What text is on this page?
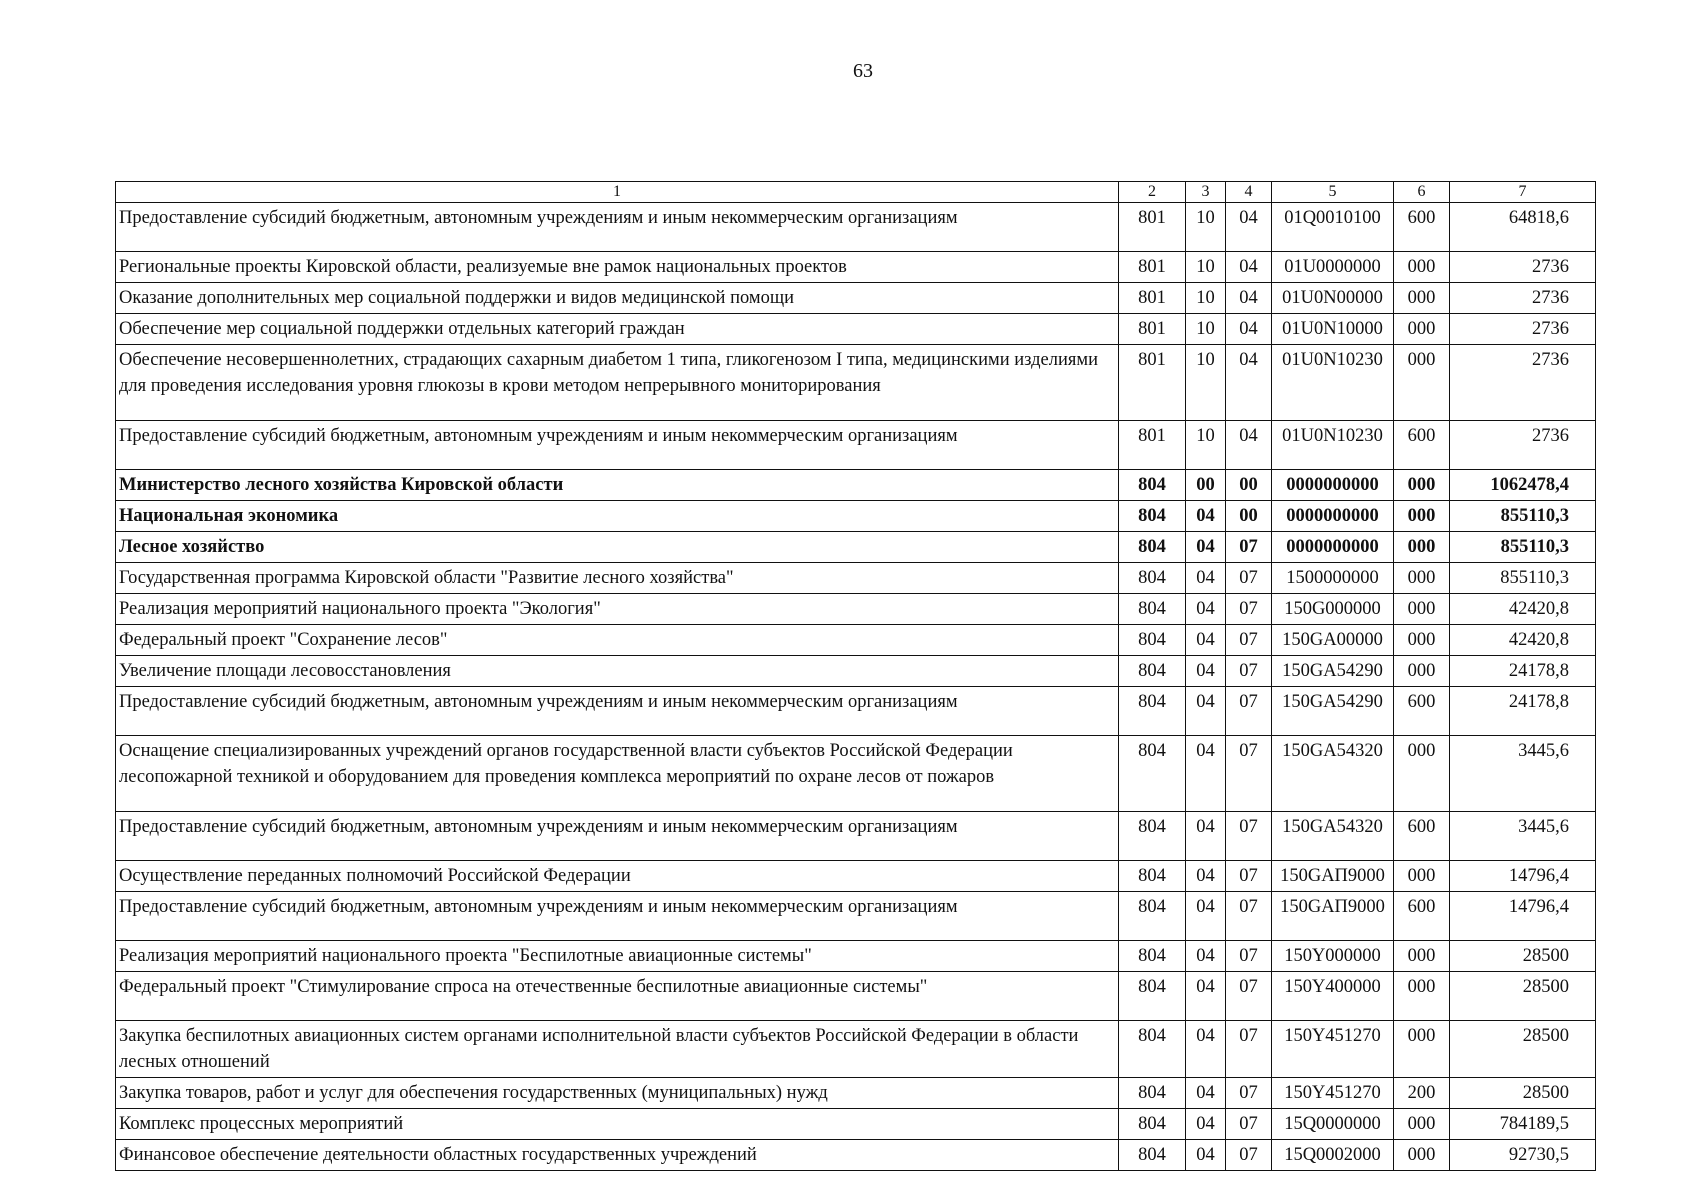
63
1	2	3	4	5	6	7
Предоставление субсидий бюджетным, автономным учреждениям и иным некоммерческим организациям	801	10	04	01Q0010100	600	64818,6
Региональные проекты Кировской области, реализуемые вне рамок национальных проектов	801	10	04	01U0000000	000	2736
Оказание дополнительных мер социальной поддержки и видов медицинской помощи	801	10	04	01U0N00000	000	2736
Обеспечение мер социальной поддержки отдельных категорий граждан	801	10	04	01U0N10000	000	2736
Обеспечение несовершеннолетних, страдающих сахарным диабетом 1 типа, гликогенозом I типа, медицинскими изделиями для проведения исследования уровня глюкозы в крови методом непрерывного мониторирования	801	10	04	01U0N10230	000	2736
Предоставление субсидий бюджетным, автономным учреждениям и иным некоммерческим организациям	801	10	04	01U0N10230	600	2736
Министерство лесного хозяйства Кировской области	804	00	00	0000000000	000	1062478,4
Национальная экономика	804	04	00	0000000000	000	855110,3
Лесное хозяйство	804	04	07	0000000000	000	855110,3
Государственная программа Кировской области "Развитие лесного хозяйства"	804	04	07	1500000000	000	855110,3
Реализация мероприятий национального проекта "Экология"	804	04	07	150G000000	000	42420,8
Федеральный проект "Сохранение лесов"	804	04	07	150GA00000	000	42420,8
Увеличение площади лесовосстановления	804	04	07	150GA54290	000	24178,8
Предоставление субсидий бюджетным, автономным учреждениям и иным некоммерческим организациям	804	04	07	150GA54290	600	24178,8
Оснащение специализированных учреждений органов государственной власти субъектов Российской Федерации лесопожарной техникой и оборудованием для проведения комплекса мероприятий по охране лесов от пожаров	804	04	07	150GA54320	000	3445,6
Предоставление субсидий бюджетным, автономным учреждениям и иным некоммерческим организациям	804	04	07	150GA54320	600	3445,6
Осуществление переданных полномочий Российской Федерации	804	04	07	150GAП9000	000	14796,4
Предоставление субсидий бюджетным, автономным учреждениям и иным некоммерческим организациям	804	04	07	150GAП9000	600	14796,4
Реализация мероприятий национального проекта "Беспилотные авиационные системы"	804	04	07	150Y000000	000	28500
Федеральный проект "Стимулирование спроса на отечественные беспилотные авиационные системы"	804	04	07	150Y400000	000	28500
Закупка беспилотных авиационных систем органами исполнительной власти субъектов Российской Федерации в области лесных отношений	804	04	07	150Y451270	000	28500
Закупка товаров, работ и услуг для обеспечения государственных (муниципальных) нужд	804	04	07	150Y451270	200	28500
Комплекс процессных мероприятий	804	04	07	15Q0000000	000	784189,5
Финансовое обеспечение деятельности областных государственных учреждений	804	04	07	15Q0002000	000	92730,5
